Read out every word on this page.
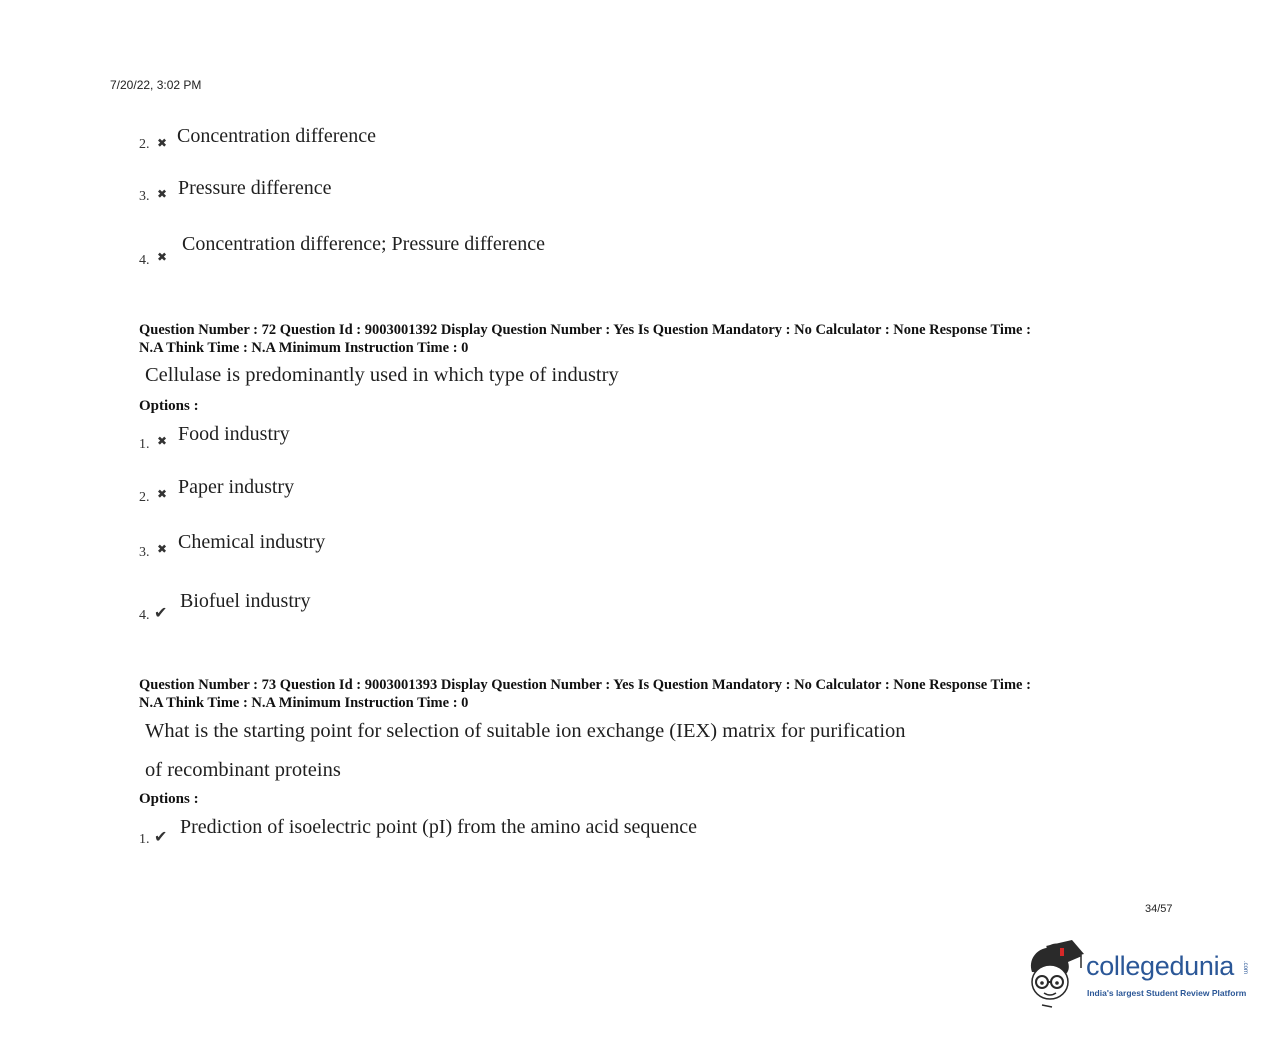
7/20/22, 3:02 PM
2. ✖ Concentration difference
3. ✖ Pressure difference
4. ✖
Concentration difference; Pressure difference
Question Number : 72 Question Id : 9003001392 Display Question Number : Yes Is Question Mandatory : No Calculator : None Response Time :
N.A Think Time : N.A Minimum Instruction Time : 0
Cellulase is predominantly used in which type of industry
Options :
1. ✖ Food industry
2. ✖ Paper industry
3. ✖ Chemical industry
4. ✔
Biofuel industry
Question Number : 73 Question Id : 9003001393 Display Question Number : Yes Is Question Mandatory : No Calculator : None Response Time :
N.A Think Time : N.A Minimum Instruction Time : 0
What is the starting point for selection of suitable ion exchange (IEX) matrix for purification
of recombinant proteins
Options :
1. ✔ Prediction of isoelectric point (pI) from the amino acid sequence
34/57
collegedunia .com
India's largest Student Review Platform
